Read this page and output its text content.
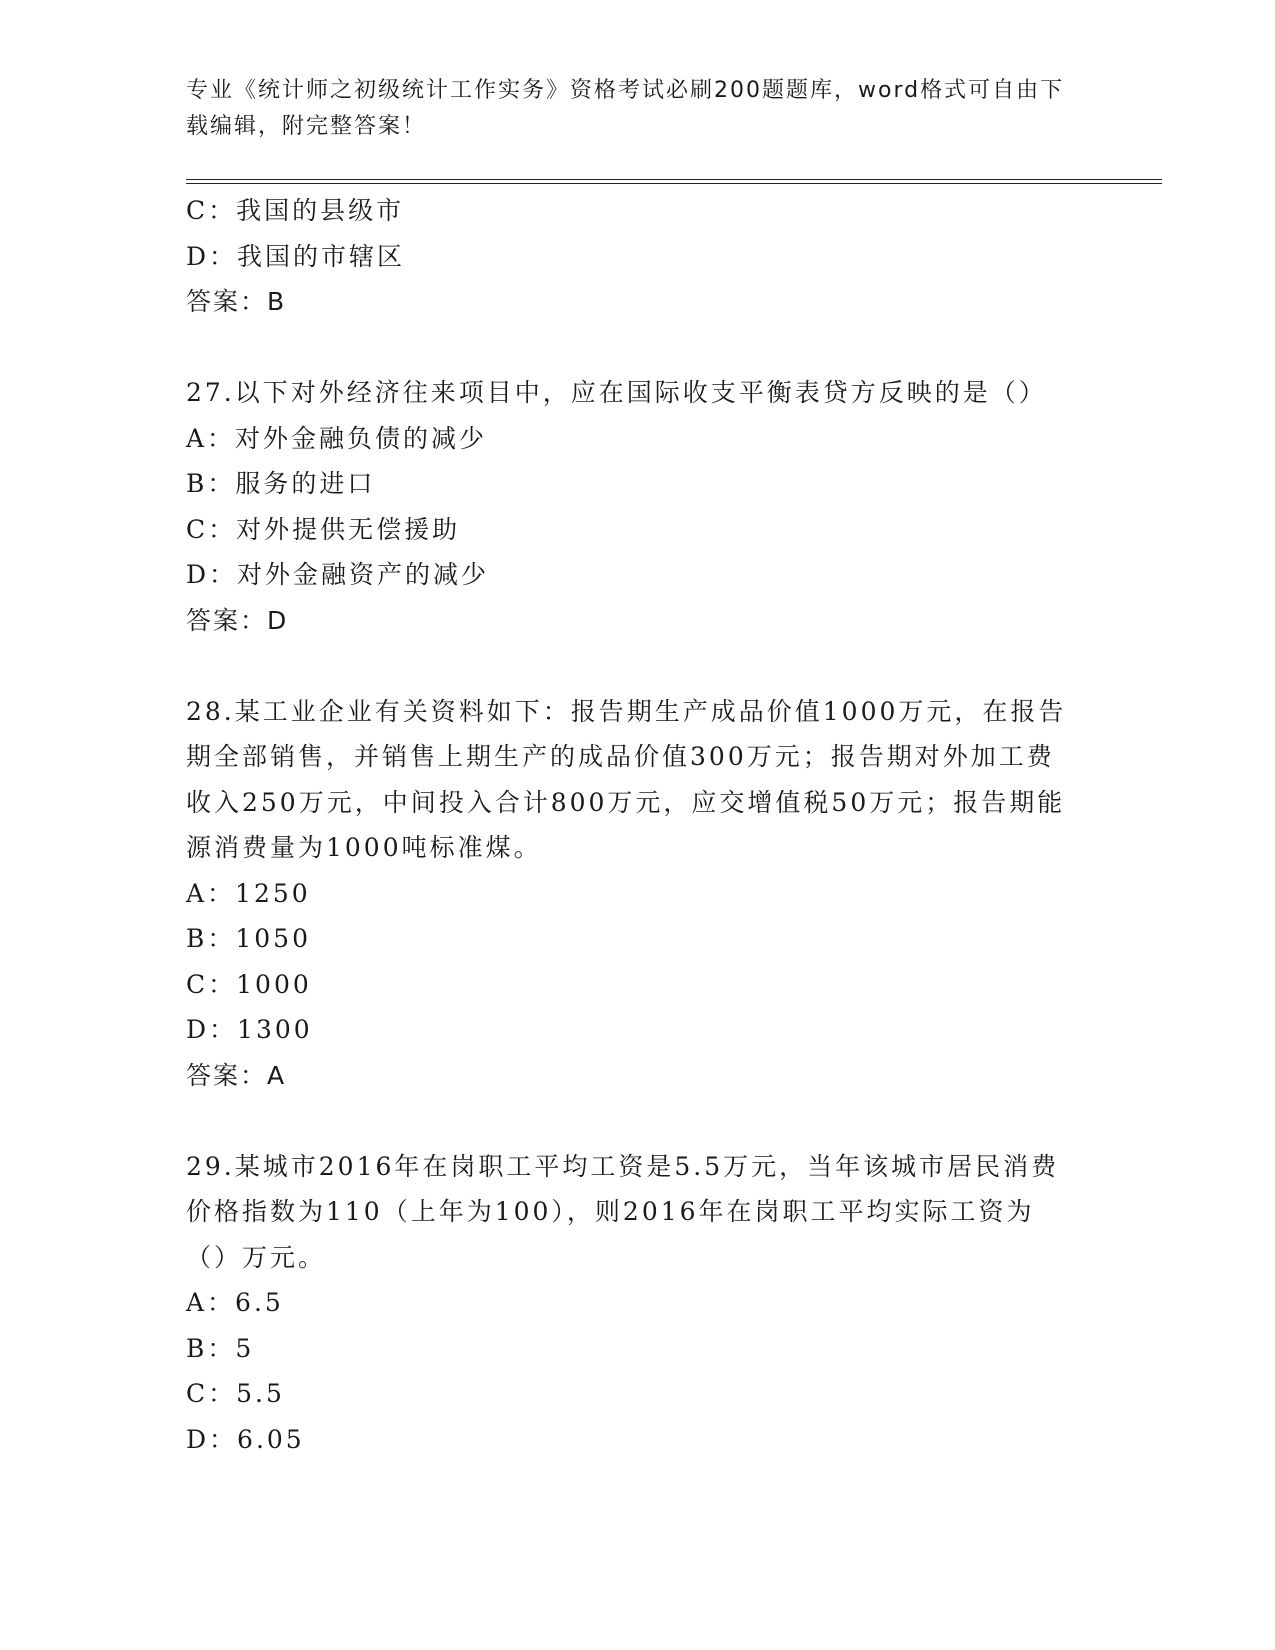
专业《统计师之初级统计工作实务》资格考试必刷200题题库，word格式可自由下载编辑，附完整答案！
C：我国的县级市
D：我国的市辖区
答案：B
27.以下对外经济往来项目中，应在国际收支平衡表贷方反映的是（）
A：对外金融负债的减少
B：服务的进口
C：对外提供无偿援助
D：对外金融资产的减少
答案：D
28.某工业企业有关资料如下：报告期生产成品价值1000万元，在报告期全部销售，并销售上期生产的成品价值300万元；报告期对外加工费收入250万元，中间投入合计800万元，应交增值税50万元；报告期能源消费量为1000吨标准煤。
A：1250
B：1050
C：1000
D：1300
答案：A
29.某城市2016年在岗职工平均工资是5.5万元，当年该城市居民消费价格指数为110（上年为100），则2016年在岗职工平均实际工资为（）万元。
A：6.5
B：5
C：5.5
D：6.05
